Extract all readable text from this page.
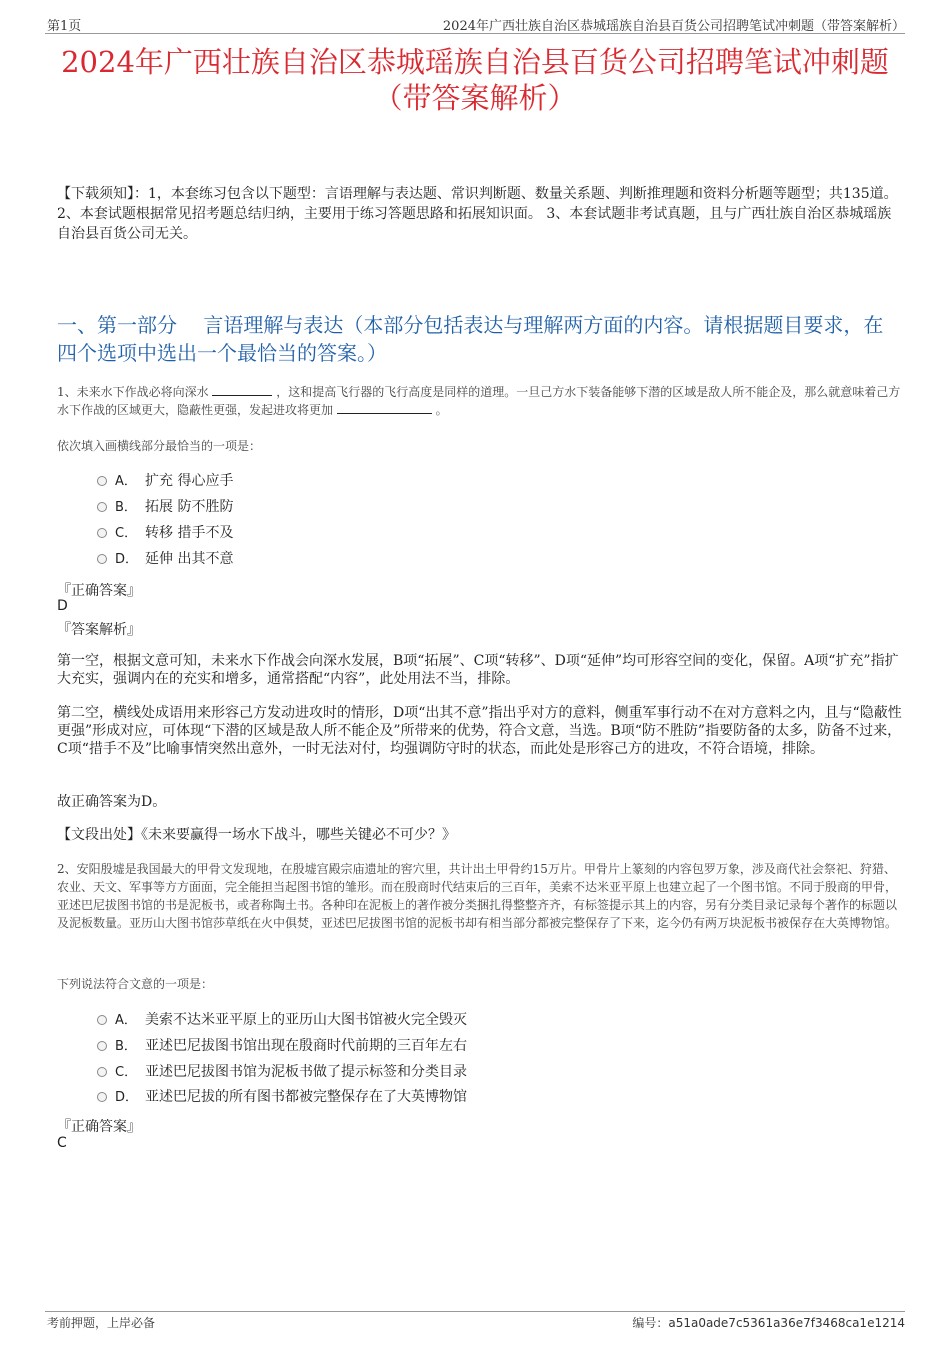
第1页	2024年广西壮族自治区恭城瑶族自治县百货公司招聘笔试冲刺题（带答案解析）
2024年广西壮族自治区恭城瑶族自治县百货公司招聘笔试冲刺题（带答案解析）
【下载须知】：1，本套练习包含以下题型：言语理解与表达题、常识判断题、数量关系题、判断推理题和资料分析题等题型；共135道。 2、本套试题根据常见招考题总结归纳，主要用于练习答题思路和拓展知识面。 3、本套试题非考试真题，且与广西壮族自治区恭城瑶族自治县百货公司无关。
一、第一部分　 言语理解与表达（本部分包括表达与理解两方面的内容。请根据题目要求，在四个选项中选出一个最恰当的答案。）
1、未来水下作战必将向深水	，这和提高飞行器的飞行高度是同样的道理。一旦己方水下装备能够下潜的区域是敌人所不能企及，那么就意味着己方水下作战的区域更大，隐蔽性更强，发起进攻将更加	。
依次填入画横线部分最恰当的一项是：
A． 扩充 得心应手
B． 拓展 防不胜防
C． 转移 措手不及
D． 延伸 出其不意
『正确答案』
D
『答案解析』
第一空，根据文意可知，未来水下作战会向深水发展，B项“拓展”、C项“转移”、D项“延伸”均可形容空间的变化，保留。A项“扩充”指扩大充实，强调内在的充实和增多，通常搭配“内容”，此处用法不当，排除。
第二空，横线处成语用来形容己方发动进攻时的情形，D项“出其不意”指出乎对方的意料，侧重军事行动不在对方意料之内，且与“隐蔽性更强”形成对应，可体现“下潜的区域是敌人所不能企及”所带来的优势，符合文意，当选。B项“防不胜防”指要防备的太多，防备不过来，C项“措手不及”比喻事情突然出意外，一时无法对付，均强调防守时的状态，而此处是形容己方的进攻，不符合语境，排除。
故正确答案为D。
【文段出处】《未来要赢得一场水下战斗，哪些关键必不可少？》
2、安阳殷墟是我国最大的甲骨文发现地，在殷墟宫殿宗庙遗址的窖穴里，共计出土甲骨约15万片。甲骨片上篆刻的内容包罗万象，涉及商代社会祭祀、狩猎、农业、天文、军事等方方面面，完全能担当起图书馆的雏形。而在殷商时代结束后的三百年，美索不达米亚平原上也建立起了一个图书馆。不同于殷商的甲骨，亚述巴尼拔图书馆的书是泥板书，或者称陶土书。各种印在泥板上的著作被分类捆扎得整整齐齐，有标签提示其上的内容，另有分类目录记录每个著作的标题以及泥板数量。亚历山大图书馆莎草纸在火中俱焚，亚述巴尼拔图书馆的泥板书却有相当部分都被完整保存了下来，迄今仍有两万块泥板书被保存在大英博物馆。
下列说法符合文意的一项是：
A． 美索不达米亚平原上的亚历山大图书馆被火完全毁灭
B． 亚述巴尼拔图书馆出现在殷商时代前期的三百年左右
C． 亚述巴尼拔图书馆为泥板书做了提示标签和分类目录
D． 亚述巴尼拔的所有图书都被完整保存在了大英博物馆
『正确答案』
C
考前押题，上岸必备	编号：a51a0ade7c5361a36e7f3468ca1e1214
